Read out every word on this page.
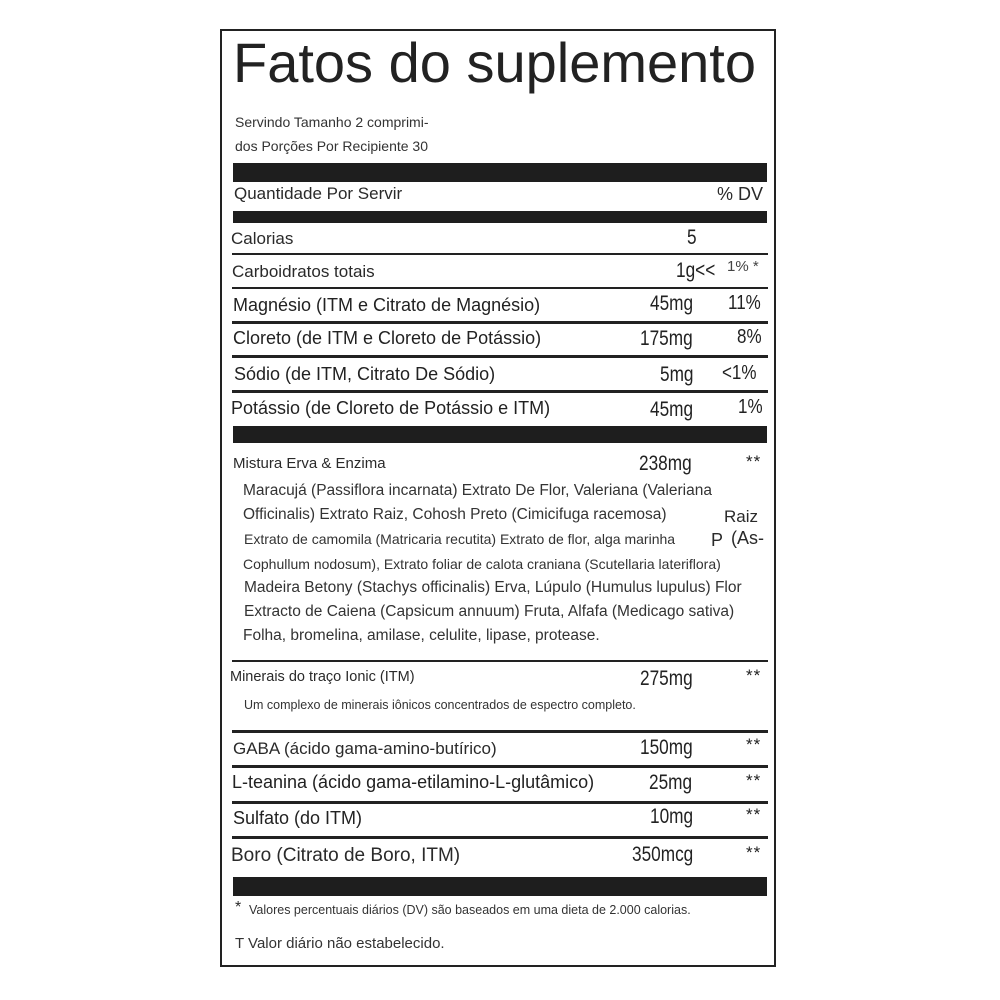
Fatos do suplemento
Servindo Tamanho 2 comprimi-
dos Porções Por Recipiente 30
Quantidade Por Servir	% DV
Calorias	5
Carboidratos totais	1g<< 1% *
Magnésio (ITM e Citrato de Magnésio)	45mg 11%
Cloreto (de ITM e Cloreto de Potássio)	175mg 8%
Sódio (de ITM, Citrato De Sódio)	5mg <1%
Potássio (de Cloreto de Potássio e ITM)	45mg 1%
Mistura Erva & Enzima	238mg	**
Maracujá (Passiflora incarnata) Extrato De Flor, Valeriana (Valeriana
Officinalis) Extrato Raiz, Cohosh Preto (Cimicifuga racemosa)	Raiz
Extrato de camomila (Matricaria recutita) Extrato de flor, alga marinha P (As-
Cophullum nodosum), Extrato foliar de calota craniana (Scutellaria lateriflora)
Madeira Betony (Stachys officinalis) Erva, Lúpulo (Humulus lupulus) Flor
Extracto de Caiena (Capsicum annuum) Fruta, Alfafa (Medicago sativa)
Folha, bromelina, amilase, celulite, lipase, protease.
Minerais do traço Ionic (ITM)	275mg	**
Um complexo de minerais iônicos concentrados de espectro completo.
GABA (ácido gama-amino-butírico)	150mg	**
L-teanina (ácido gama-etilamino-L-glutâmico)	25mg	**
Sulfato (do ITM)	10mg	**
Boro (Citrato de Boro, ITM)	350mcg	**
* Valores percentuais diários (DV) são baseados em uma dieta de 2.000 calorias.
T Valor diário não estabelecido.
